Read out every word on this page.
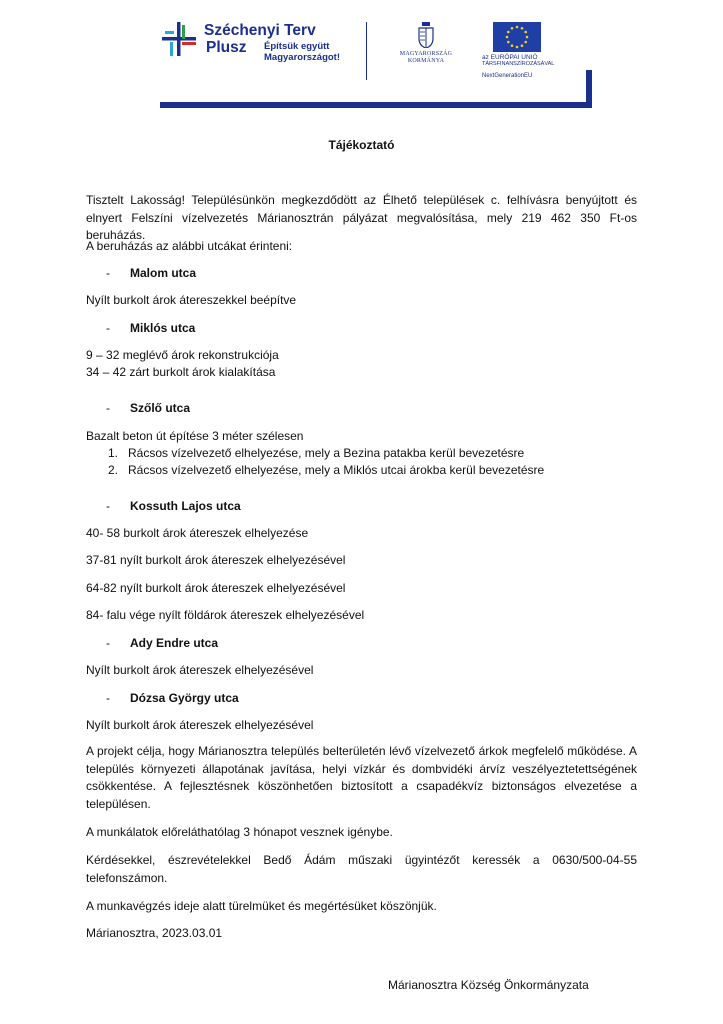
Széchenyi Terv
Plusz Építsük együtt
Magyarországot!	MAGYARORSZÁG
KORMÁNYA	az EURÓPAI UNIÓ
TÁRSFINANSZÍROZÁSÁVAL
NextGenerationEU
Tájékoztató

Tisztelt Lakosság! Településünkön megkezdődött az Élhető települések c. felhívásra benyújtott és elnyert Felszíni vízelvezetés Márianosztrán pályázat megvalósítása, mely 219 462 350 Ft-os beruházás.

A beruházás az alábbi utcákat érinteni:

- Malom utca

Nyílt burkolt árok átereszekkel beépítve

- Miklós utca

9 – 32 meglévő árok rekonstrukciója

34 – 42 zárt burkolt árok kialakítása

- Szőlő utca

Bazalt beton út építése 3 méter szélesen

1. Rácsos vízelvezető elhelyezése, mely a Bezina patakba kerül bevezetésre
2. Rácsos vízelvezető elhelyezése, mely a Miklós utcai árokba kerül bevezetésre
- Kossuth Lajos utca

40- 58 burkolt árok átereszek elhelyezése

37-81 nyílt burkolt árok átereszek elhelyezésével

64-82 nyílt burkolt árok átereszek elhelyezésével

84- falu vége nyílt földárok átereszek elhelyezésével

- Ady Endre utca

Nyílt burkolt árok átereszek elhelyezésével

- Dózsa György utca

Nyílt burkolt árok átereszek elhelyezésével

A projekt célja, hogy Márianosztra település belterületén lévő vízelvezető árkok megfelelő működése. A település környezeti állapotának javítása, helyi vízkár és dombvidéki árvíz veszélyeztetettségének csökkentése. A fejlesztésnek köszönhetően biztosított a csapadékvíz biztonságos elvezetése a településen.

A munkálatok előreláthatólag 3 hónapot vesznek igénybe.

Kérdésekkel, észrevételekkel Bedő Ádám műszaki ügyintézőt keressék a 0630/500-04-55 telefonszámon.

A munkavégzés ideje alatt türelmüket és megértésüket köszönjük.

Márianosztra, 2023.03.01

Márianosztra Község Önkormányzata
